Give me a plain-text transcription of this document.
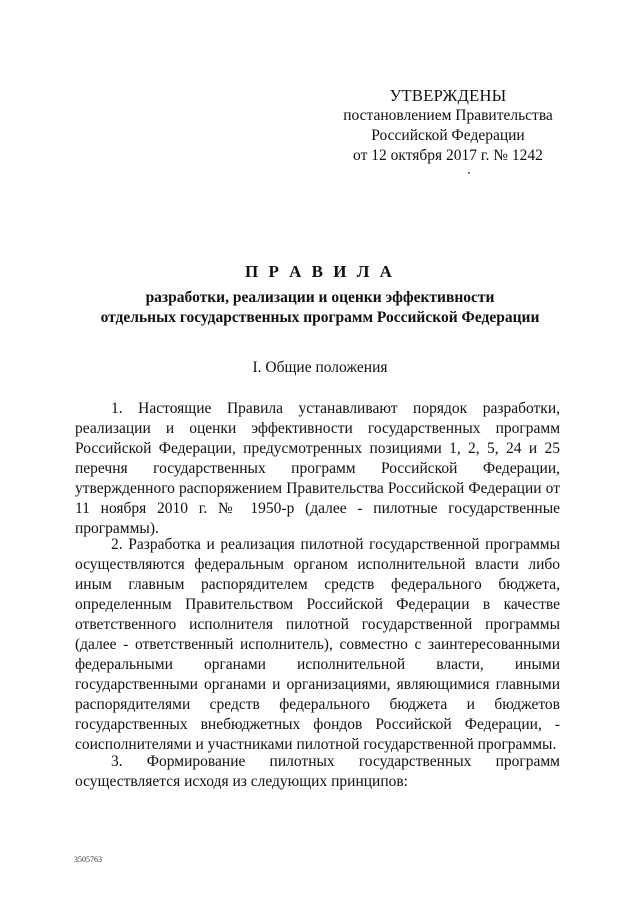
УТВЕРЖДЕНЫ
постановлением Правительства
Российской Федерации
от 12 октября 2017 г. № 1242
П Р А В И Л А
разработки, реализации и оценки эффективности
отдельных государственных программ Российской Федерации
I. Общие положения
1. Настоящие Правила устанавливают порядок разработки, реализации и оценки эффективности государственных программ Российской Федерации, предусмотренных позициями 1, 2, 5, 24 и 25 перечня государственных программ Российской Федерации, утвержденного распоряжением Правительства Российской Федерации от 11 ноября 2010 г. № 1950-р (далее - пилотные государственные программы).
2. Разработка и реализация пилотной государственной программы осуществляются федеральным органом исполнительной власти либо иным главным распорядителем средств федерального бюджета, определенным Правительством Российской Федерации в качестве ответственного исполнителя пилотной государственной программы (далее - ответственный исполнитель), совместно с заинтересованными федеральными органами исполнительной власти, иными государственными органами и организациями, являющимися главными распорядителями средств федерального бюджета и бюджетов государственных внебюджетных фондов Российской Федерации, - соисполнителями и участниками пилотной государственной программы.
3. Формирование пилотных государственных программ осуществляется исходя из следующих принципов:
3505763
